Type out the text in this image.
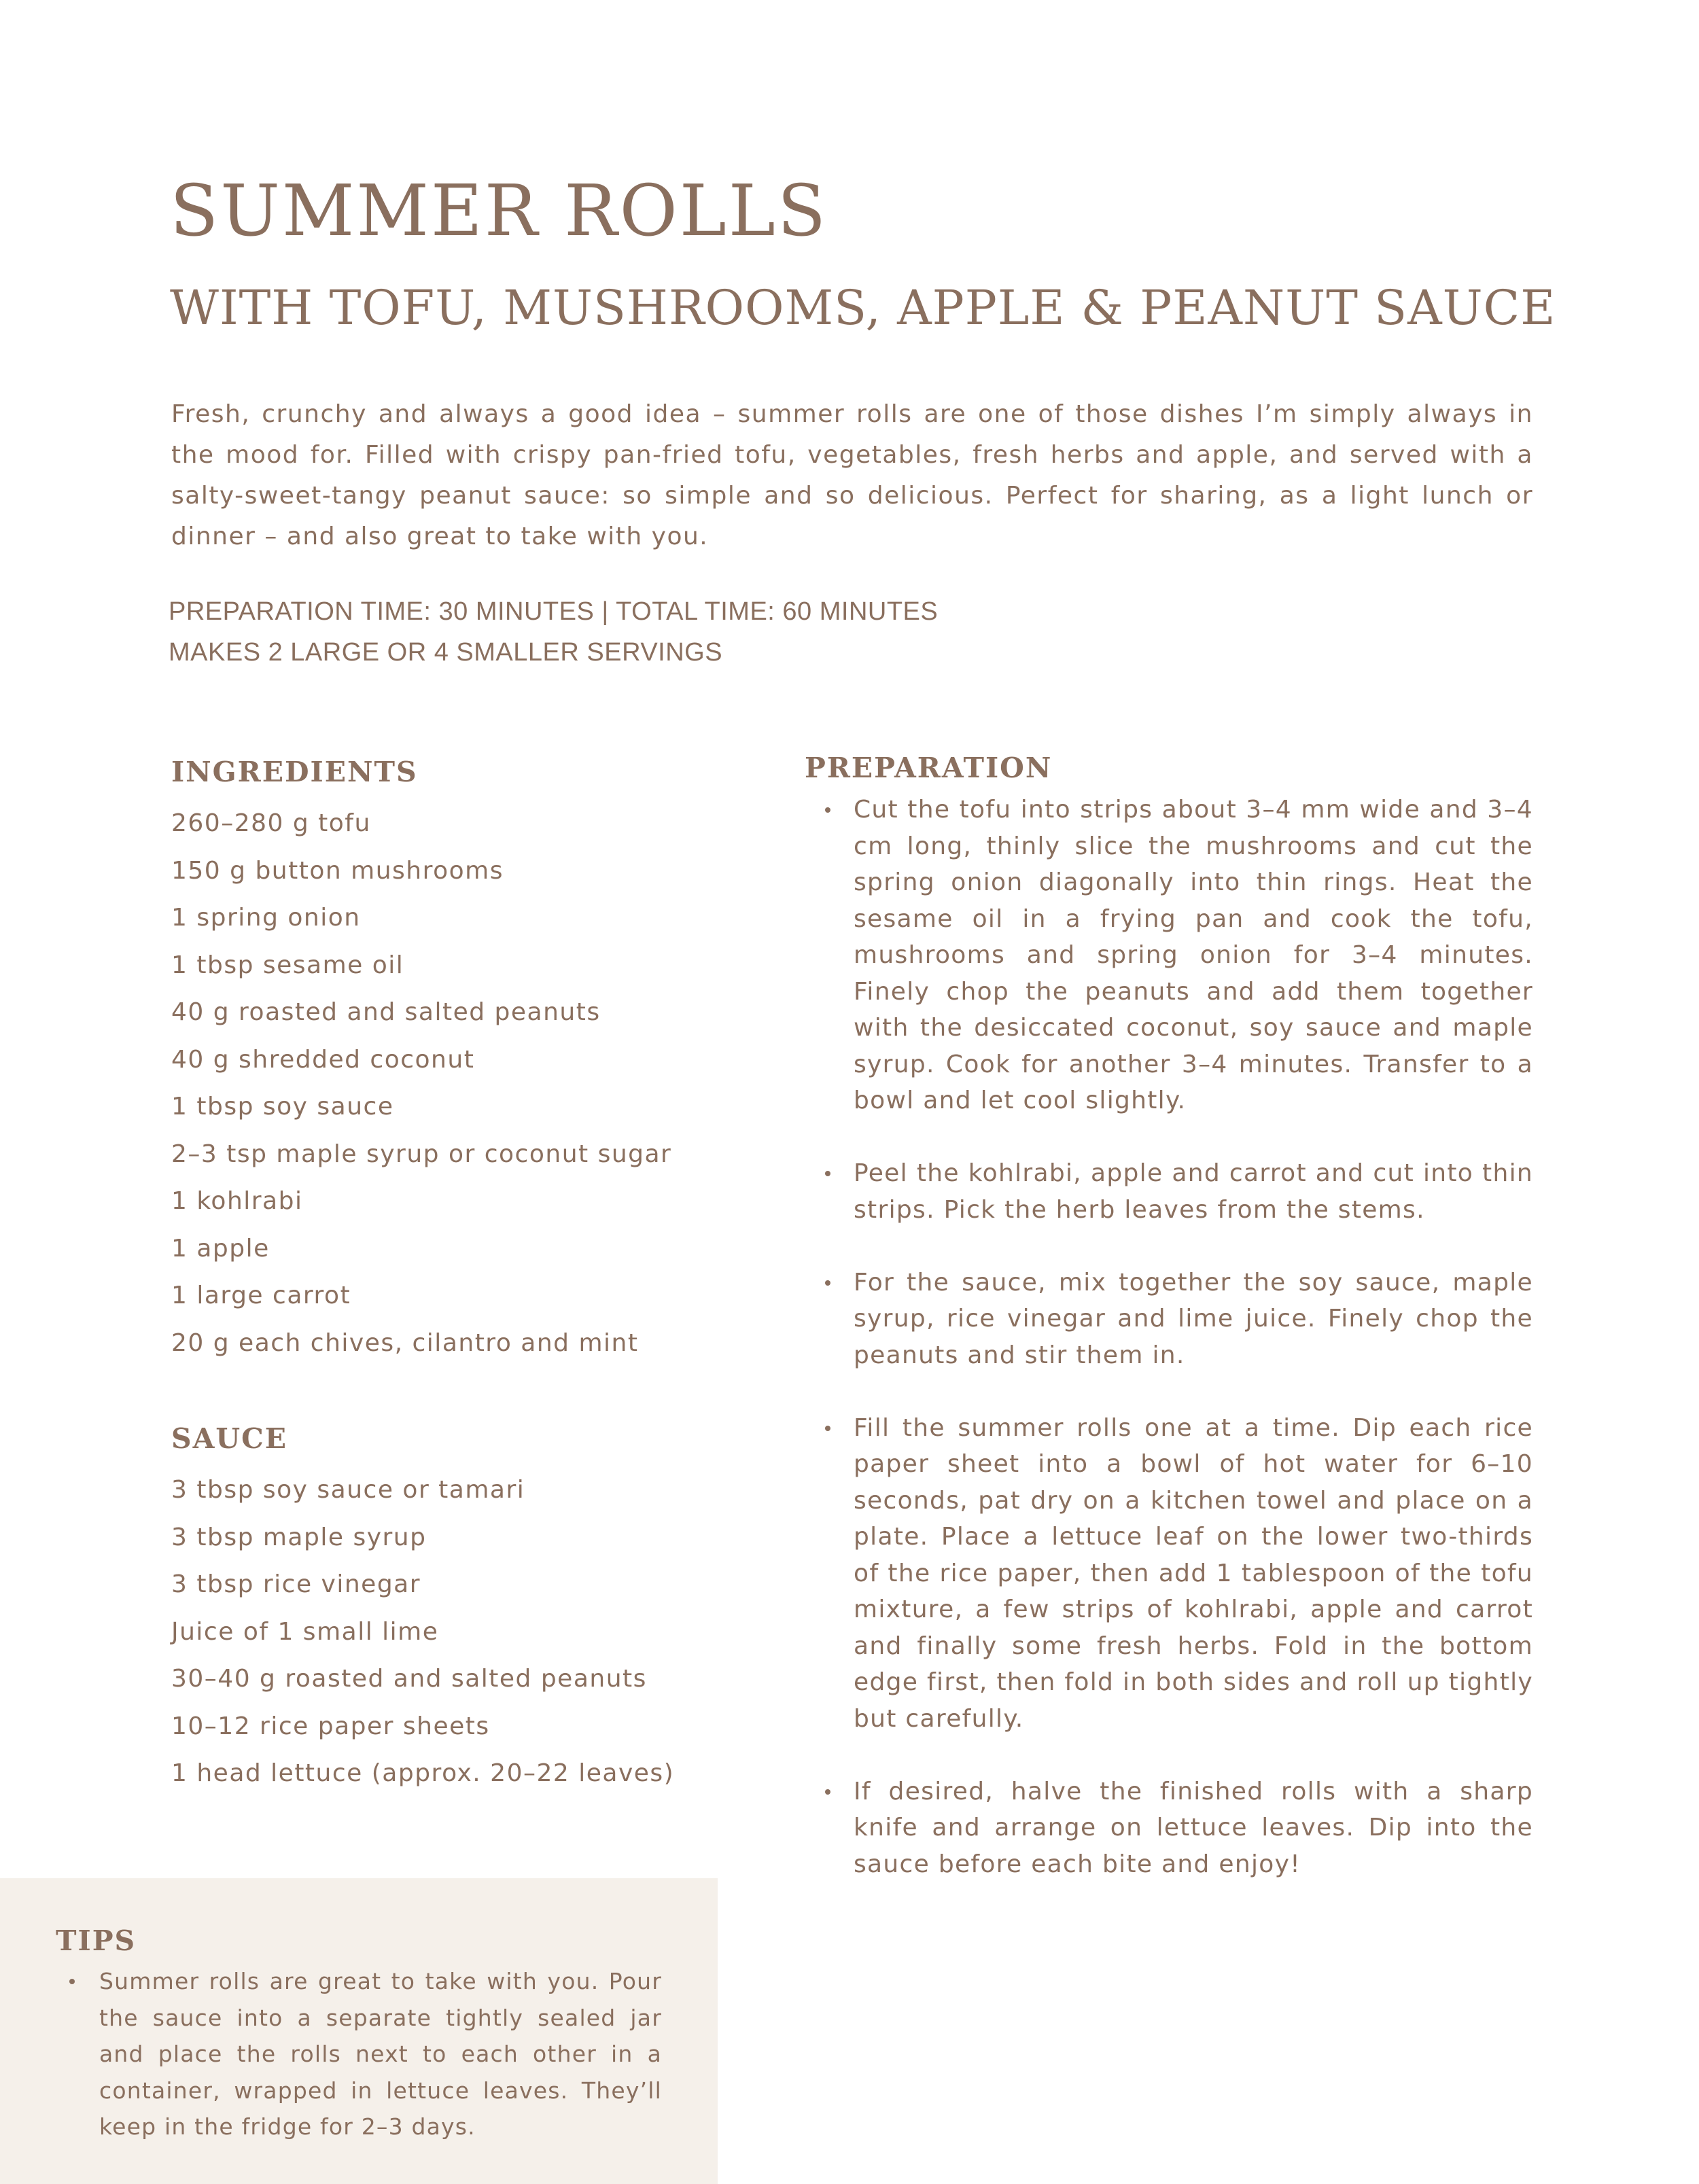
SUMMER ROLLS
WITH TOFU, MUSHROOMS, APPLE & PEANUT SAUCE

Fresh, crunchy and always a good idea – summer rolls are one of those dishes I’m simply always in the mood for. Filled with crispy pan-fried tofu, vegetables, fresh herbs and apple, and served with a salty-sweet-tangy peanut sauce: so simple and so delicious. Perfect for sharing, as a light lunch or dinner – and also great to take with you.

PREPARATION TIME: 30 MINUTES | TOTAL TIME: 60 MINUTES
MAKES 2 LARGE OR 4 SMALLER SERVINGS
INGREDIENTS
260–280 g tofu
150 g button mushrooms
1 spring onion
1 tbsp sesame oil
40 g roasted and salted peanuts
40 g shredded coconut
1 tbsp soy sauce
2–3 tsp maple syrup or coconut sugar
1 kohlrabi
1 apple
1 large carrot
20 g each chives, cilantro and mint
SAUCE
3 tbsp soy sauce or tamari
3 tbsp maple syrup
3 tbsp rice vinegar
Juice of 1 small lime
30–40 g roasted and salted peanuts
10–12 rice paper sheets
1 head lettuce (approx. 20–22 leaves)
PREPARATION
Cut the tofu into strips about 3–4 mm wide and 3–4 cm long, thinly slice the mushrooms and cut the spring onion diagonally into thin rings. Heat the sesame oil in a frying pan and cook the tofu, mushrooms and spring onion for 3–4 minutes. Finely chop the peanuts and add them together with the desiccated coconut, soy sauce and maple syrup. Cook for another 3–4 minutes. Transfer to a bowl and let cool slightly.
Peel the kohlrabi, apple and carrot and cut into thin strips. Pick the herb leaves from the stems.
For the sauce, mix together the soy sauce, maple syrup, rice vinegar and lime juice. Finely chop the peanuts and stir them in.
Fill the summer rolls one at a time. Dip each rice paper sheet into a bowl of hot water for 6–10 seconds, pat dry on a kitchen towel and place on a plate. Place a lettuce leaf on the lower two-thirds of the rice paper, then add 1 tablespoon of the tofu mixture, a few strips of kohlrabi, apple and carrot and finally some fresh herbs. Fold in the bottom edge first, then fold in both sides and roll up tightly but carefully.
If desired, halve the finished rolls with a sharp knife and arrange on lettuce leaves. Dip into the sauce before each bite and enjoy!
TIPS
Summer rolls are great to take with you. Pour the sauce into a separate tightly sealed jar and place the rolls next to each other in a container, wrapped in lettuce leaves. They’ll keep in the fridge for 2–3 days.
